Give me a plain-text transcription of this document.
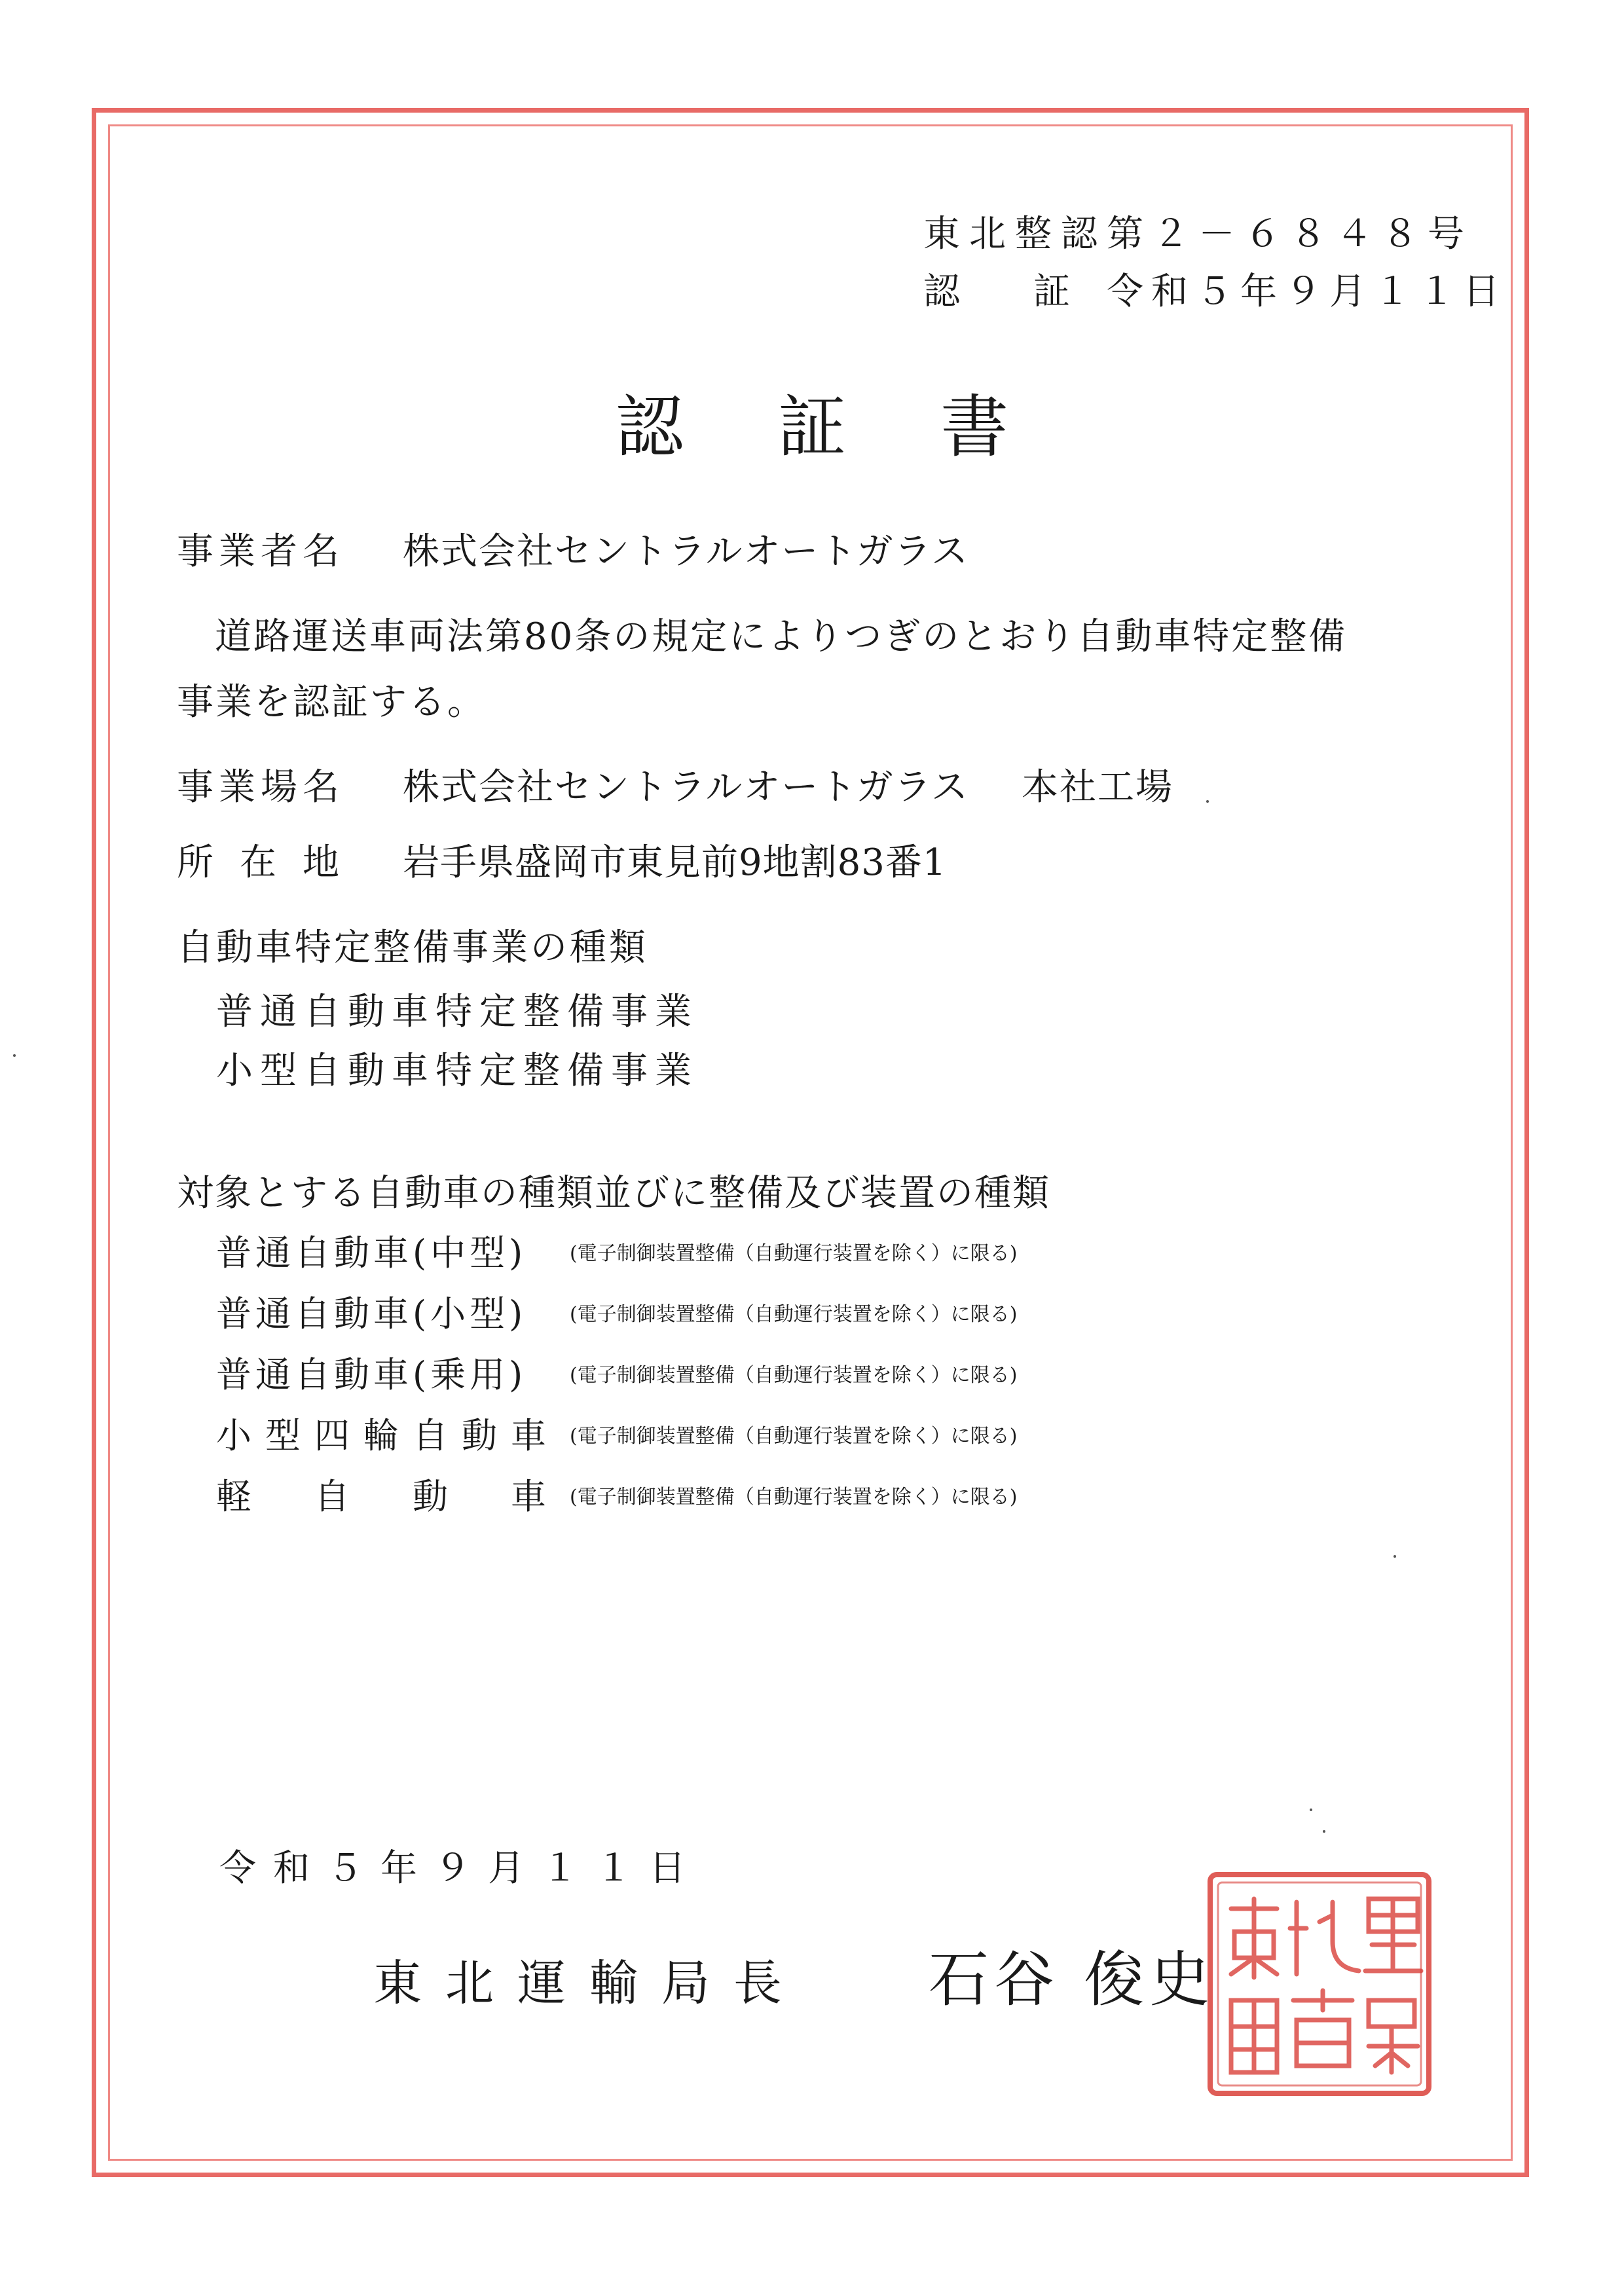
東北整認第２－６８４８号
認　証 令和５年９月１１日
認 証 書
事業者名 株式会社セントラルオートガラス
道路運送車両法第80条の規定によりつぎのとおり自動車特定整備
事業を認証する。
事業場名 株式会社セントラルオートガラス 本社工場
所在地 岩手県盛岡市東見前9地割83番1
自動車特定整備事業の種類
普通自動車特定整備事業
小型自動車特定整備事業
対象とする自動車の種類並びに整備及び装置の種類
普通自動車(中型) (電子制御装置整備（自動運行装置を除く）に限る)
普通自動車(小型) (電子制御装置整備（自動運行装置を除く）に限る)
普通自動車(乗用) (電子制御装置整備（自動運行装置を除く）に限る)
小型四輪自動車 (電子制御装置整備（自動運行装置を除く）に限る)
軽自動車(電子制御装置整備（自動運行装置を除く）に限る)
令和５年９月１１日
東北運輸局長 石谷 俊史
